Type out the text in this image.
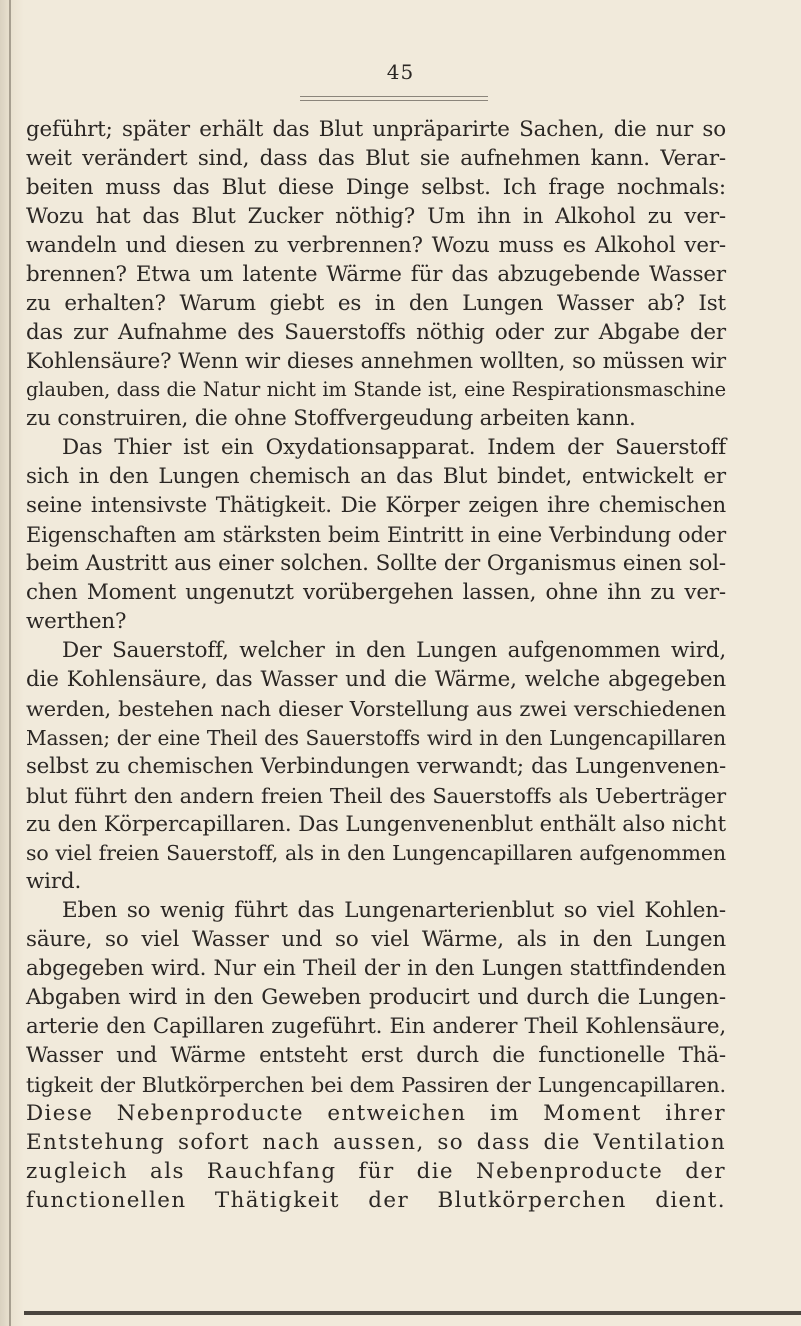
45
geführt; später erhält das Blut unpräparirte Sachen, die nur so
weit verändert sind, dass das Blut sie aufnehmen kann. Verar-
beiten muss das Blut diese Dinge selbst. Ich frage nochmals:
Wozu hat das Blut Zucker nöthig? Um ihn in Alkohol zu ver-
wandeln und diesen zu verbrennen? Wozu muss es Alkohol ver-
brennen? Etwa um latente Wärme für das abzugebende Wasser
zu erhalten? Warum giebt es in den Lungen Wasser ab? Ist
das zur Aufnahme des Sauerstoffs nöthig oder zur Abgabe der
Kohlensäure? Wenn wir dieses annehmen wollten, so müssen wir
glauben, dass die Natur nicht im Stande ist, eine Respirationsmaschine
zu construiren, die ohne Stoffvergeudung arbeiten kann.
Das Thier ist ein Oxydationsapparat. Indem der Sauerstoff
sich in den Lungen chemisch an das Blut bindet, entwickelt er
seine intensivste Thätigkeit. Die Körper zeigen ihre chemischen
Eigenschaften am stärksten beim Eintritt in eine Verbindung oder
beim Austritt aus einer solchen. Sollte der Organismus einen sol-
chen Moment ungenutzt vorübergehen lassen, ohne ihn zu ver-
werthen?
Der Sauerstoff, welcher in den Lungen aufgenommen wird,
die Kohlensäure, das Wasser und die Wärme, welche abgegeben
werden, bestehen nach dieser Vorstellung aus zwei verschiedenen
Massen; der eine Theil des Sauerstoffs wird in den Lungencapillaren
selbst zu chemischen Verbindungen verwandt; das Lungenvenen-
blut führt den andern freien Theil des Sauerstoffs als Ueberträger
zu den Körpercapillaren. Das Lungenvenenblut enthält also nicht
so viel freien Sauerstoff, als in den Lungencapillaren aufgenommen
wird.
Eben so wenig führt das Lungenarterienblut so viel Kohlen-
säure, so viel Wasser und so viel Wärme, als in den Lungen
abgegeben wird. Nur ein Theil der in den Lungen stattfindenden
Abgaben wird in den Geweben producirt und durch die Lungen-
arterie den Capillaren zugeführt. Ein anderer Theil Kohlensäure,
Wasser und Wärme entsteht erst durch die functionelle Thä-
tigkeit der Blutkörperchen bei dem Passiren der Lungencapillaren.
Diese Nebenproducte entweichen im Moment ihrer
Entstehung sofort nach aussen, so dass die Ventilation
zugleich als Rauchfang für die Nebenproducte der
functionellen Thätigkeit der Blutkörperchen dient.
